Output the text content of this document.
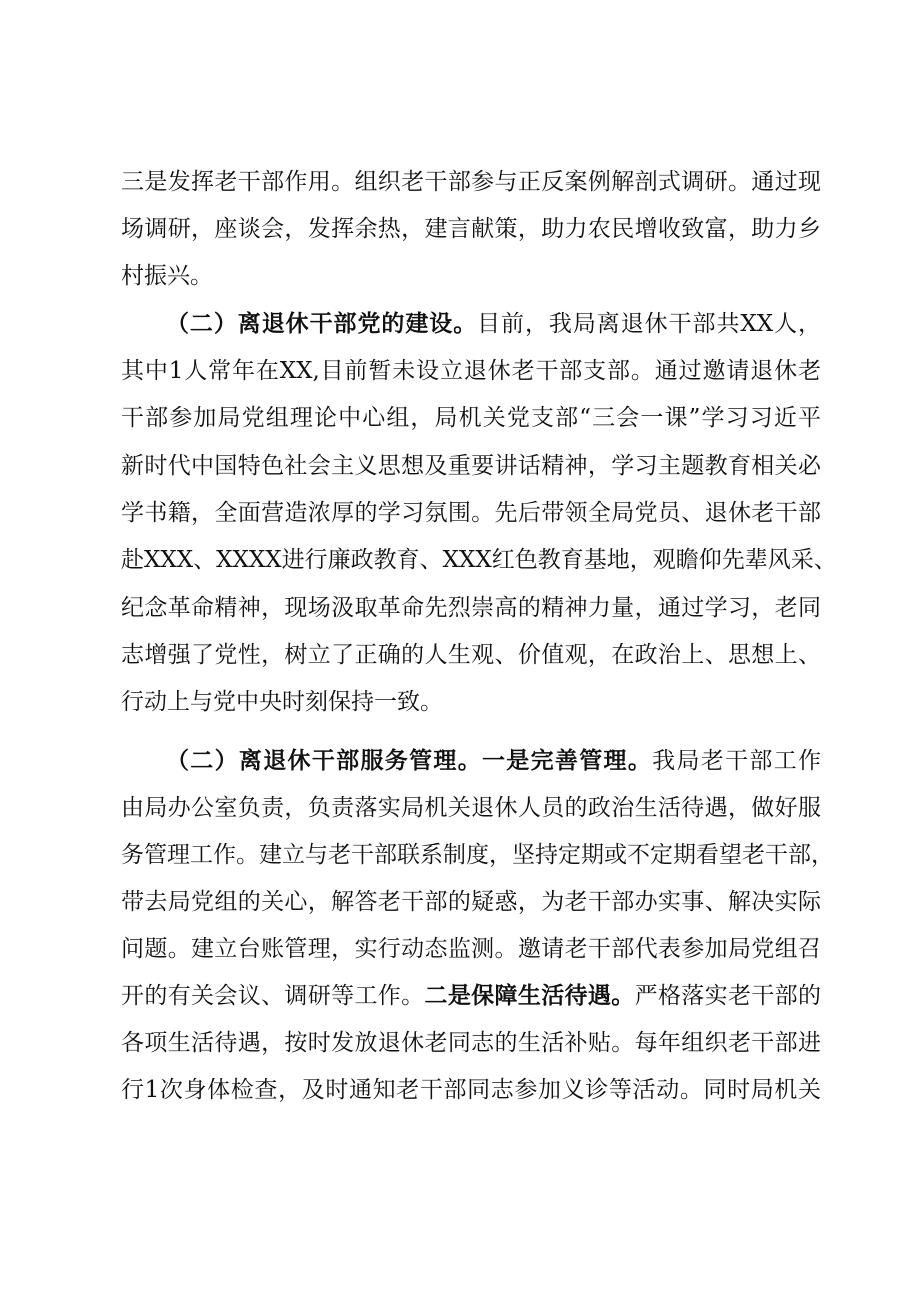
三是发挥老干部作用。组织老干部参与正反案例解剖式调研。通过现
场调研，座谈会，发挥余热，建言献策，助力农民增收致富，助力乡
村振兴。
（二）离退休干部党的建设。目前，我局离退休干部共XX人，
其中1人常年在XX,目前暂未设立退休老干部支部。通过邀请退休老
干部参加局党组理论中心组，局机关党支部“三会一课”学习习近平
新时代中国特色社会主义思想及重要讲话精神，学习主题教育相关必
学书籍，全面营造浓厚的学习氛围。先后带领全局党员、退休老干部
赴XXX、XXXX进行廉政教育、XXX红色教育基地，观瞻仰先辈风采、
纪念革命精神，现场汲取革命先烈崇高的精神力量，通过学习，老同
志增强了党性，树立了正确的人生观、价值观，在政治上、思想上、
行动上与党中央时刻保持一致。
（二）离退休干部服务管理。一是完善管理。我局老干部工作
由局办公室负责，负责落实局机关退休人员的政治生活待遇，做好服
务管理工作。建立与老干部联系制度，坚持定期或不定期看望老干部，
带去局党组的关心，解答老干部的疑惑，为老干部办实事、解决实际
问题。建立台账管理，实行动态监测。邀请老干部代表参加局党组召
开的有关会议、调研等工作。二是保障生活待遇。严格落实老干部的
各项生活待遇，按时发放退休老同志的生活补贴。每年组织老干部进
行1次身体检查，及时通知老干部同志参加义诊等活动。同时局机关
